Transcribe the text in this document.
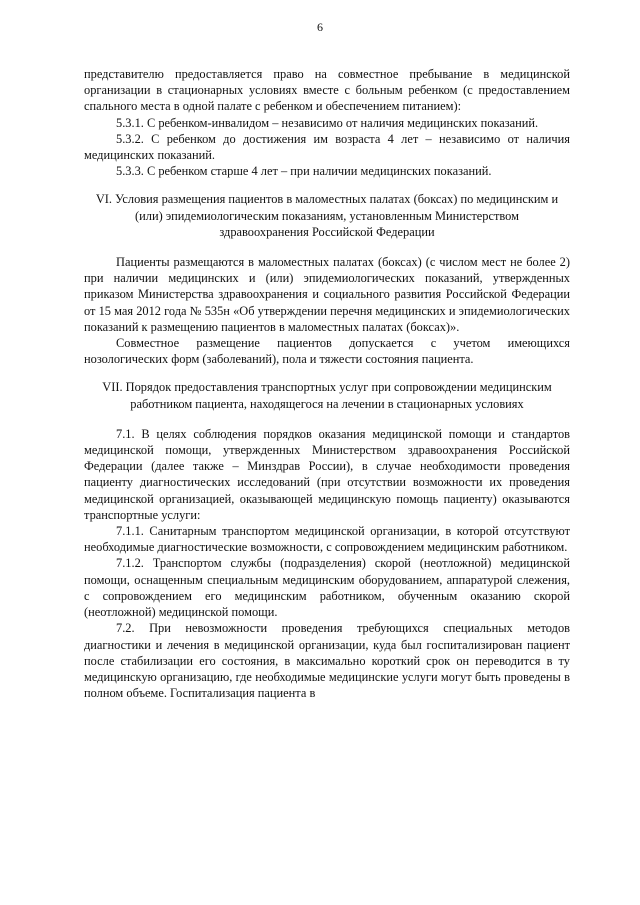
6

представителю предоставляется право на совместное пребывание в медицинской организации в стационарных условиях вместе с больным ребенком (с предоставлением спального места в одной палате с ребенком и обеспечением питанием):

5.3.1. С ребенком-инвалидом – независимо от наличия медицинских показаний.

5.3.2. С ребенком до достижения им возраста 4 лет – независимо от наличия медицинских показаний.

5.3.3. С ребенком старше 4 лет – при наличии медицинских показаний.

VI. Условия размещения пациентов в маломестных палатах (боксах) по медицинским и (или) эпидемиологическим показаниям, установленным Министерством здравоохранения Российской Федерации

Пациенты размещаются в маломестных палатах (боксах) (с числом мест не более 2) при наличии медицинских и (или) эпидемиологических показаний, утвержденных приказом Министерства здравоохранения и социального развития Российской Федерации от 15 мая 2012 года № 535н «Об утверждении перечня медицинских и эпидемиологических показаний к размещению пациентов в маломестных палатах (боксах)».

Совместное размещение пациентов допускается с учетом имеющихся нозологических форм (заболеваний), пола и тяжести состояния пациента.

VII. Порядок предоставления транспортных услуг при сопровождении медицинским работником пациента, находящегося на лечении в стационарных условиях

7.1. В целях соблюдения порядков оказания медицинской помощи и стандартов медицинской помощи, утвержденных Министерством здравоохранения Российской Федерации (далее также – Минздрав России), в случае необходимости проведения пациенту диагностических исследований (при отсутствии возможности их проведения медицинской организацией, оказывающей медицинскую помощь пациенту) оказываются транспортные услуги:

7.1.1. Санитарным транспортом медицинской организации, в которой отсутствуют необходимые диагностические возможности, с сопровождением медицинским работником.

7.1.2. Транспортом службы (подразделения) скорой (неотложной) медицинской помощи, оснащенным специальным медицинским оборудованием, аппаратурой слежения, с сопровождением его медицинским работником, обученным оказанию скорой (неотложной) медицинской помощи.

7.2. При невозможности проведения требующихся специальных методов диагностики и лечения в медицинской организации, куда был госпитализирован пациент после стабилизации его состояния, в максимально короткий срок он переводится в ту медицинскую организацию, где необходимые медицинские услуги могут быть проведены в полном объеме. Госпитализация пациента в
